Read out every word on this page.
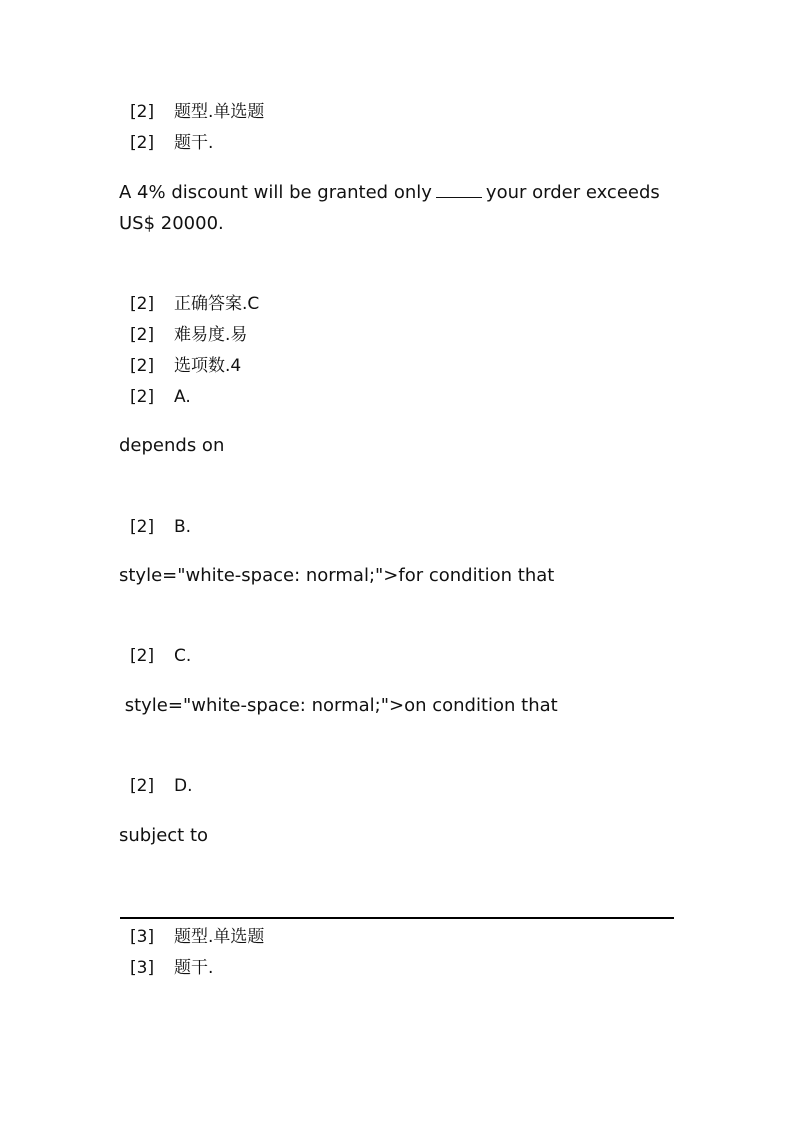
[2] 题型.单选题
[2] 题干.
A 4% discount will be granted only	your order exceeds
US$ 20000.
[2] 正确答案.C
[2] 难易度.易
[2] 选项数.4
[2] A.
depends on
[2] B.
style="white-space: normal;">for condition that
[2] C.
style="white-space: normal;">on condition that
[2] D.
subject to
[3] 题型.单选题
[3] 题干.
